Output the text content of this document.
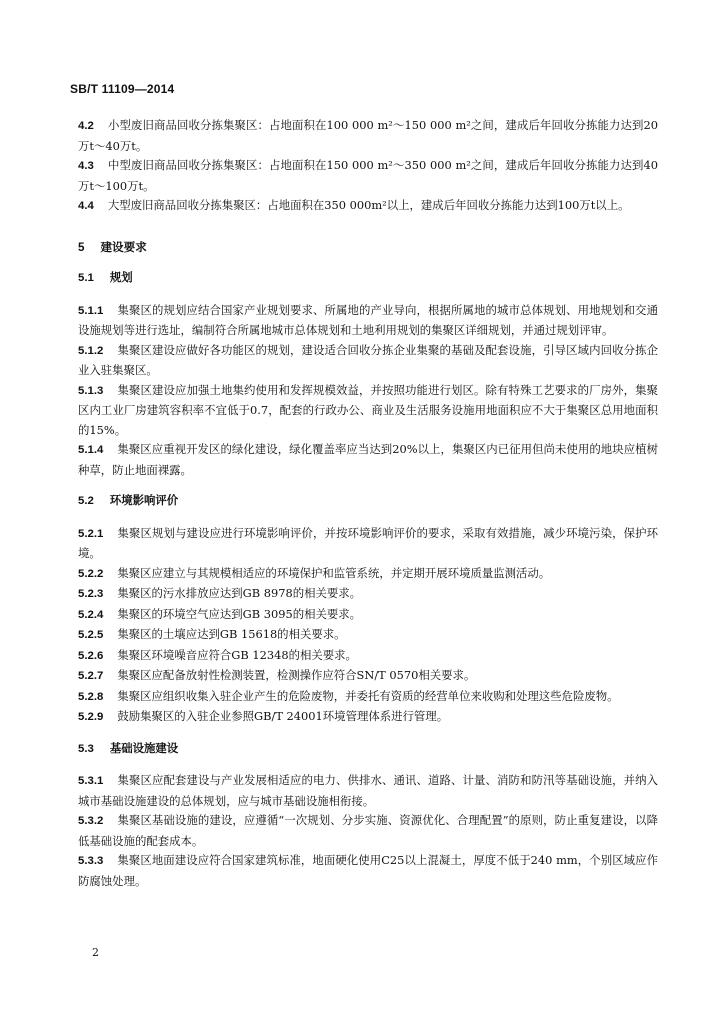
SB/T 11109—2014

4.2 小型废旧商品回收分拣集聚区：占地面积在100 000 m²～150 000 m²之间，建成后年回收分拣能力达到20万t～40万t。

4.3 中型废旧商品回收分拣集聚区：占地面积在150 000 m²～350 000 m²之间，建成后年回收分拣能力达到40万t～100万t。

4.4 大型废旧商品回收分拣集聚区：占地面积在350 000m²以上，建成后年回收分拣能力达到100万t以上。

5 建设要求

5.1 规划

5.1.1 集聚区的规划应结合国家产业规划要求、所属地的产业导向，根据所属地的城市总体规划、用地规划和交通设施规划等进行选址，编制符合所属地城市总体规划和土地利用规划的集聚区详细规划，并通过规划评审。

5.1.2 集聚区建设应做好各功能区的规划，建设适合回收分拣企业集聚的基础及配套设施，引导区域内回收分拣企业入驻集聚区。

5.1.3 集聚区建设应加强土地集约使用和发挥规模效益，并按照功能进行划区。除有特殊工艺要求的厂房外，集聚区内工业厂房建筑容积率不宜低于0.7，配套的行政办公、商业及生活服务设施用地面积应不大于集聚区总用地面积的15%。

5.1.4 集聚区应重视开发区的绿化建设，绿化覆盖率应当达到20%以上，集聚区内已征用但尚未使用的地块应植树种草，防止地面裸露。

5.2 环境影响评价

5.2.1 集聚区规划与建设应进行环境影响评价，并按环境影响评价的要求，采取有效措施，减少环境污染，保护环境。

5.2.2 集聚区应建立与其规模相适应的环境保护和监管系统，并定期开展环境质量监测活动。

5.2.3 集聚区的污水排放应达到GB 8978的相关要求。

5.2.4 集聚区的环境空气应达到GB 3095的相关要求。

5.2.5 集聚区的土壤应达到GB 15618的相关要求。

5.2.6 集聚区环境噪音应符合GB 12348的相关要求。

5.2.7 集聚区应配备放射性检测装置，检测操作应符合SN/T 0570相关要求。

5.2.8 集聚区应组织收集入驻企业产生的危险废物，并委托有资质的经营单位来收购和处理这些危险废物。

5.2.9 鼓励集聚区的入驻企业参照GB/T 24001环境管理体系进行管理。

5.3 基础设施建设

5.3.1 集聚区应配套建设与产业发展相适应的电力、供排水、通讯、道路、计量、消防和防汛等基础设施，并纳入城市基础设施建设的总体规划，应与城市基础设施相衔接。

5.3.2 集聚区基础设施的建设，应遵循“一次规划、分步实施、资源优化、合理配置”的原则，防止重复建设，以降低基础设施的配套成本。

5.3.3 集聚区地面建设应符合国家建筑标准，地面硬化使用C25以上混凝土，厚度不低于240 mm，个别区域应作防腐蚀处理。

2
